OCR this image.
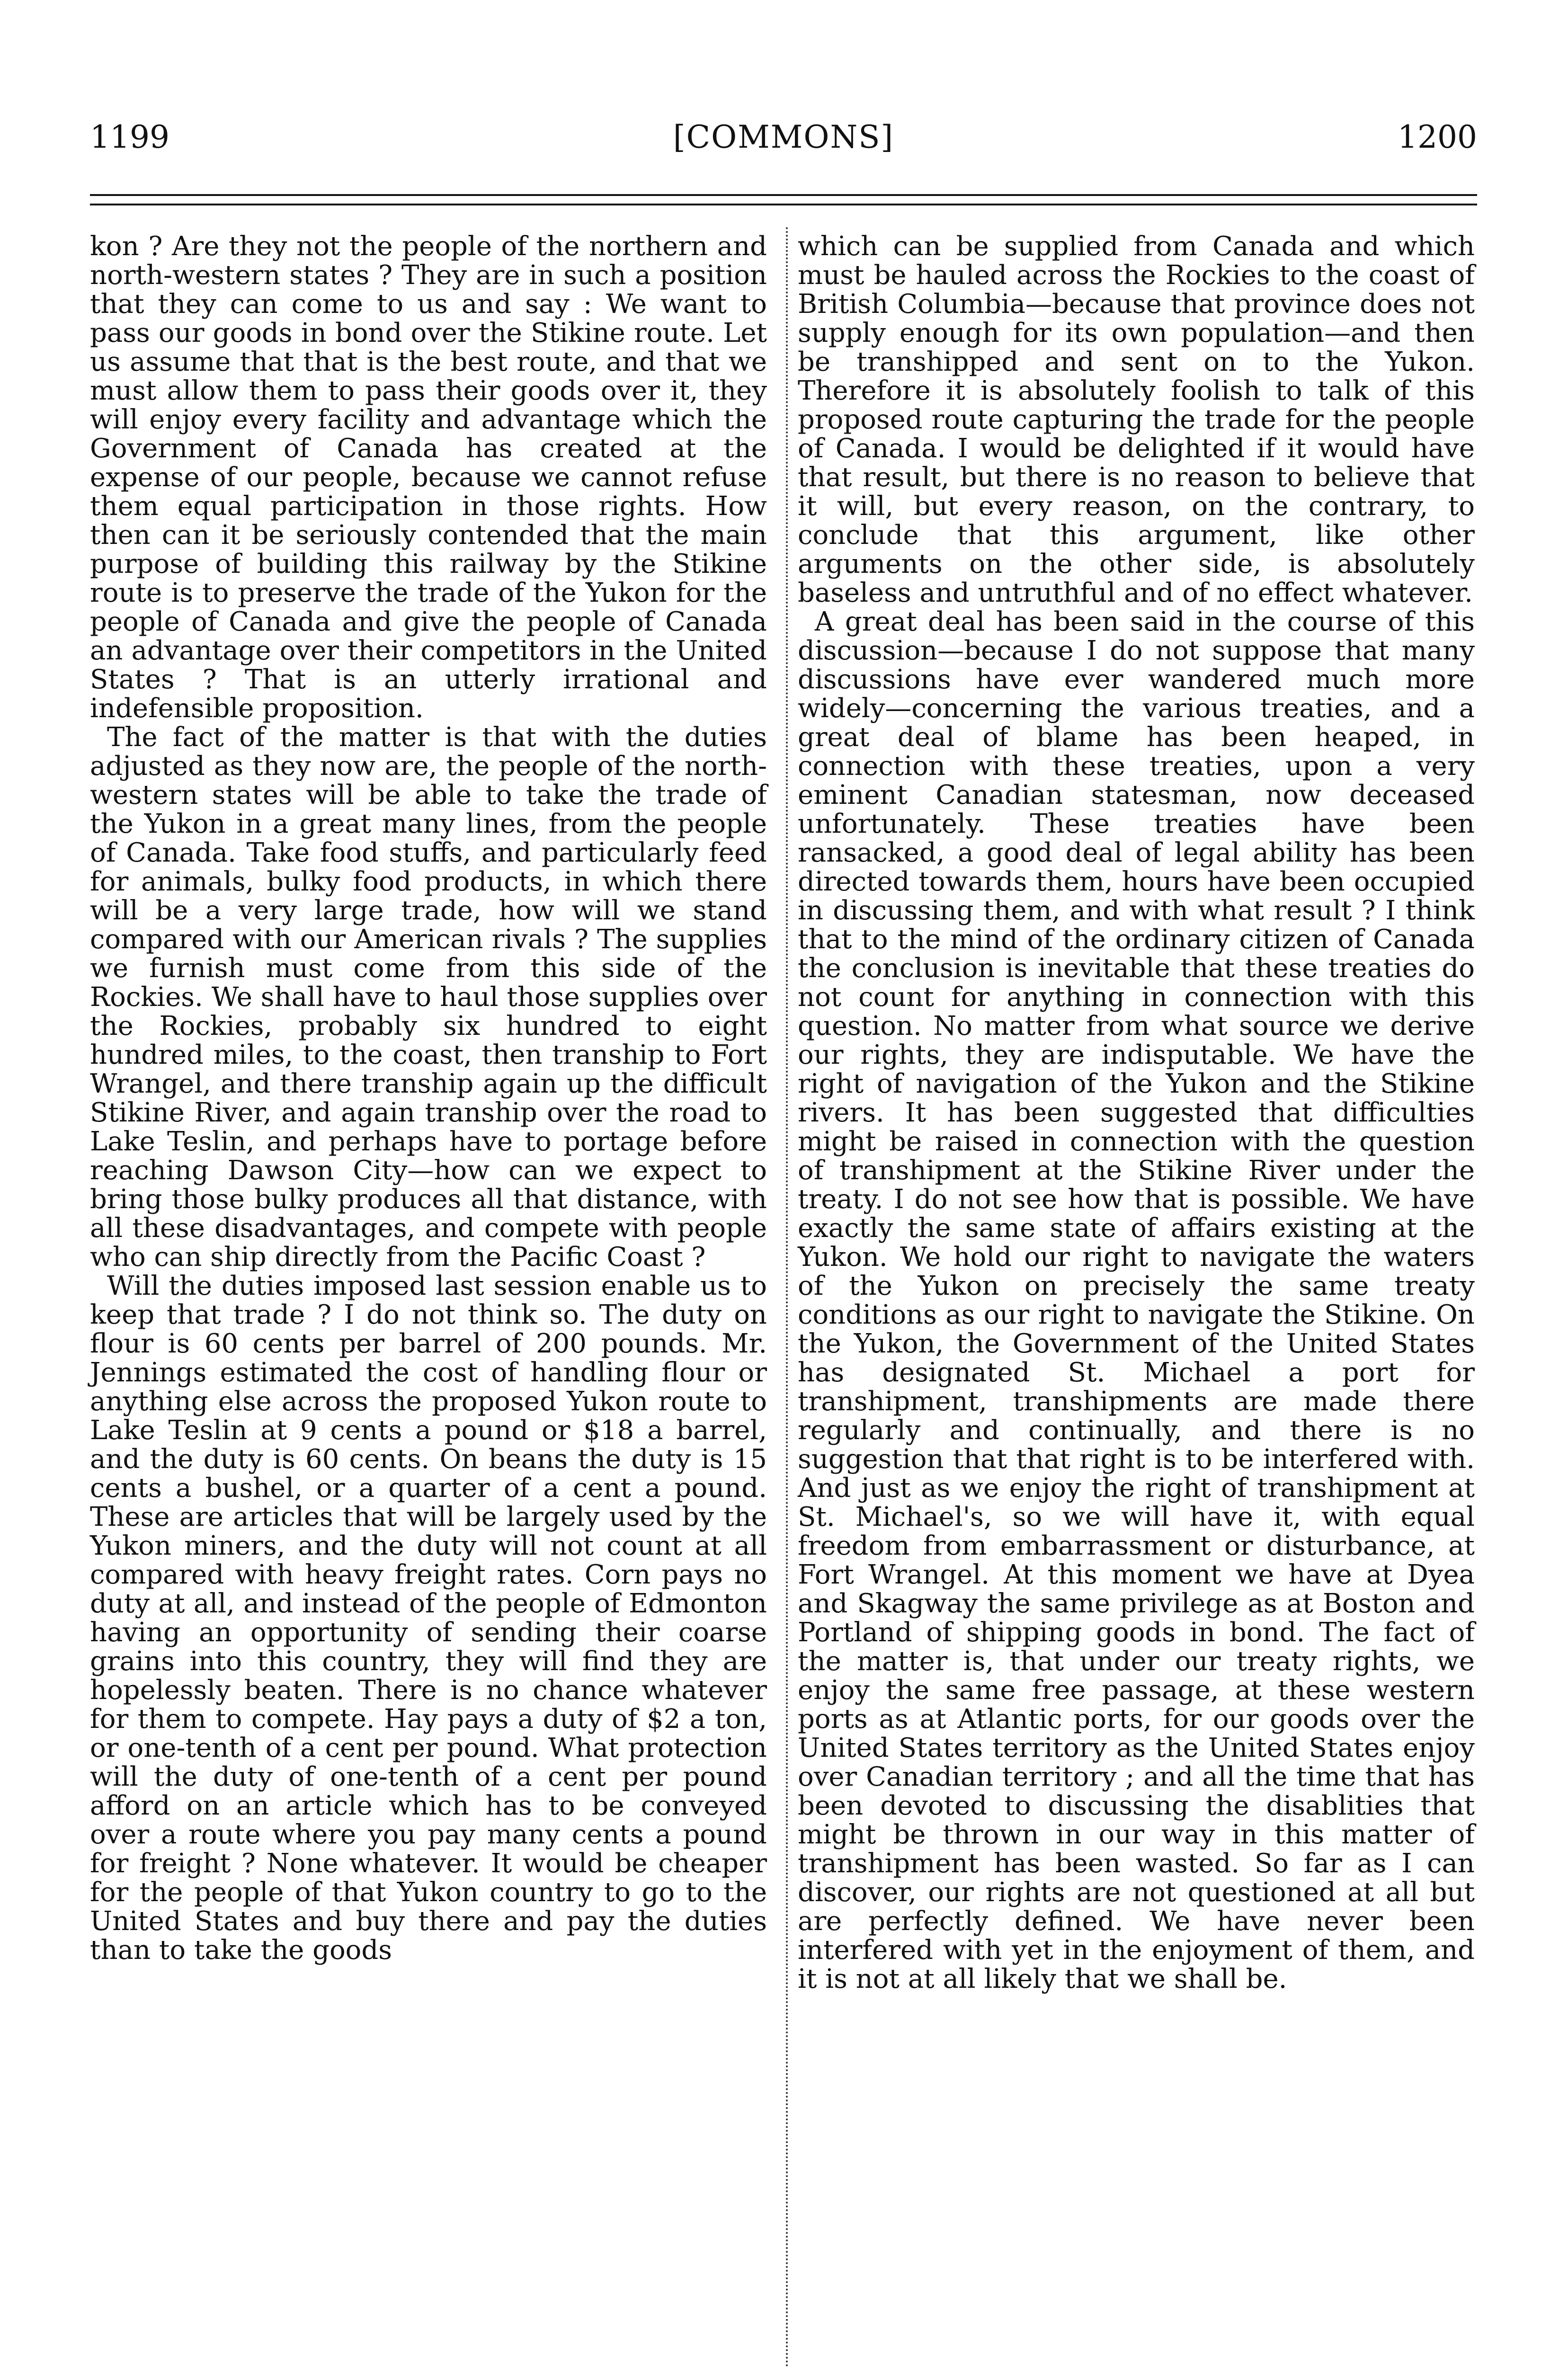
1199	[COMMONS]	1200

kon ? Are they not the people of the northern and north-western states ? They are in such a position that they can come to us and say : We want to pass our goods in bond over the Stikine route. Let us assume that that is the best route, and that we must allow them to pass their goods over it, they will enjoy every facility and advantage which the Government of Canada has created at the expense of our people, because we cannot refuse them equal participation in those rights. How then can it be seriously contended that the main purpose of building this railway by the Stikine route is to preserve the trade of the Yukon for the people of Canada and give the people of Canada an advantage over their competitors in the United States ? That is an utterly irrational and indefensible proposition.

The fact of the matter is that with the duties adjusted as they now are, the people of the north-western states will be able to take the trade of the Yukon in a great many lines, from the people of Canada. Take food stuffs, and particularly feed for animals, bulky food products, in which there will be a very large trade, how will we stand compared with our American rivals ? The supplies we furnish must come from this side of the Rockies. We shall have to haul those supplies over the Rockies, probably six hundred to eight hundred miles, to the coast, then tranship to Fort Wrangel, and there tranship again up the difficult Stikine River, and again tranship over the road to Lake Teslin, and perhaps have to portage before reaching Dawson City—how can we expect to bring those bulky produces all that distance, with all these disadvantages, and compete with people who can ship directly from the Pacific Coast ?

Will the duties imposed last session enable us to keep that trade ? I do not think so. The duty on flour is 60 cents per barrel of 200 pounds. Mr. Jennings estimated the cost of handling flour or anything else across the proposed Yukon route to Lake Teslin at 9 cents a pound or $18 a barrel, and the duty is 60 cents. On beans the duty is 15 cents a bushel, or a quarter of a cent a pound. These are articles that will be largely used by the Yukon miners, and the duty will not count at all compared with heavy freight rates. Corn pays no duty at all, and instead of the people of Edmonton having an opportunity of sending their coarse grains into this country, they will find they are hopelessly beaten. There is no chance whatever for them to compete. Hay pays a duty of $2 a ton, or one-tenth of a cent per pound. What protection will the duty of one-tenth of a cent per pound afford on an article which has to be conveyed over a route where you pay many cents a pound for freight ? None whatever. It would be cheaper for the people of that Yukon country to go to the United States and buy there and pay the duties than to take the goods

which can be supplied from Canada and which must be hauled across the Rockies to the coast of British Columbia—because that province does not supply enough for its own population—and then be transhipped and sent on to the Yukon. Therefore it is absolutely foolish to talk of this proposed route capturing the trade for the people of Canada. I would be delighted if it would have that result, but there is no reason to believe that it will, but every reason, on the contrary, to conclude that this argument, like other arguments on the other side, is absolutely baseless and untruthful and of no effect whatever.

A great deal has been said in the course of this discussion—because I do not suppose that many discussions have ever wandered much more widely—concerning the various treaties, and a great deal of blame has been heaped, in connection with these treaties, upon a very eminent Canadian statesman, now deceased unfortunately. These treaties have been ransacked, a good deal of legal ability has been directed towards them, hours have been occupied in discussing them, and with what result ? I think that to the mind of the ordinary citizen of Canada the conclusion is inevitable that these treaties do not count for anything in connection with this question. No matter from what source we derive our rights, they are indisputable. We have the right of navigation of the Yukon and the Stikine rivers. It has been suggested that difficulties might be raised in connection with the question of transhipment at the Stikine River under the treaty. I do not see how that is possible. We have exactly the same state of affairs existing at the Yukon. We hold our right to navigate the waters of the Yukon on precisely the same treaty conditions as our right to navigate the Stikine. On the Yukon, the Government of the United States has designated St. Michael a port for transhipment, transhipments are made there regularly and continually, and there is no suggestion that that right is to be interfered with. And just as we enjoy the right of transhipment at St. Michael's, so we will have it, with equal freedom from embarrassment or disturbance, at Fort Wrangel. At this moment we have at Dyea and Skagway the same privilege as at Boston and Portland of shipping goods in bond. The fact of the matter is, that under our treaty rights, we enjoy the same free passage, at these western ports as at Atlantic ports, for our goods over the United States territory as the United States enjoy over Canadian territory ; and all the time that has been devoted to discussing the disablities that might be thrown in our way in this matter of transhipment has been wasted. So far as I can discover, our rights are not questioned at all but are perfectly defined. We have never been interfered with yet in the enjoyment of them, and it is not at all likely that we shall be.
